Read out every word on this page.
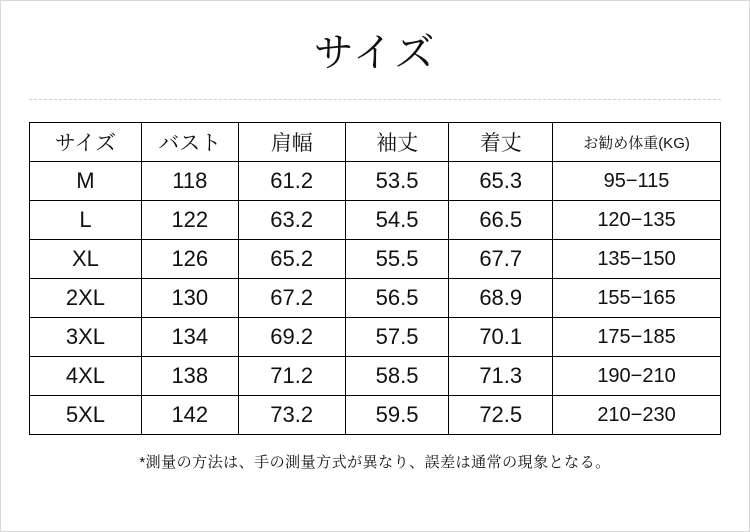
サイズ
サイズ	バスト	肩幅	袖丈	着丈	お勧め体重(KG)
M	118	61.2	53.5	65.3	95−115
L	122	63.2	54.5	66.5	120−135
XL	126	65.2	55.5	67.7	135−150
2XL	130	67.2	56.5	68.9	155−165
3XL	134	69.2	57.5	70.1	175−185
4XL	138	71.2	58.5	71.3	190−210
5XL	142	73.2	59.5	72.5	210−230
*測量の方法は、手の測量方式が異なり、誤差は通常の現象となる。
